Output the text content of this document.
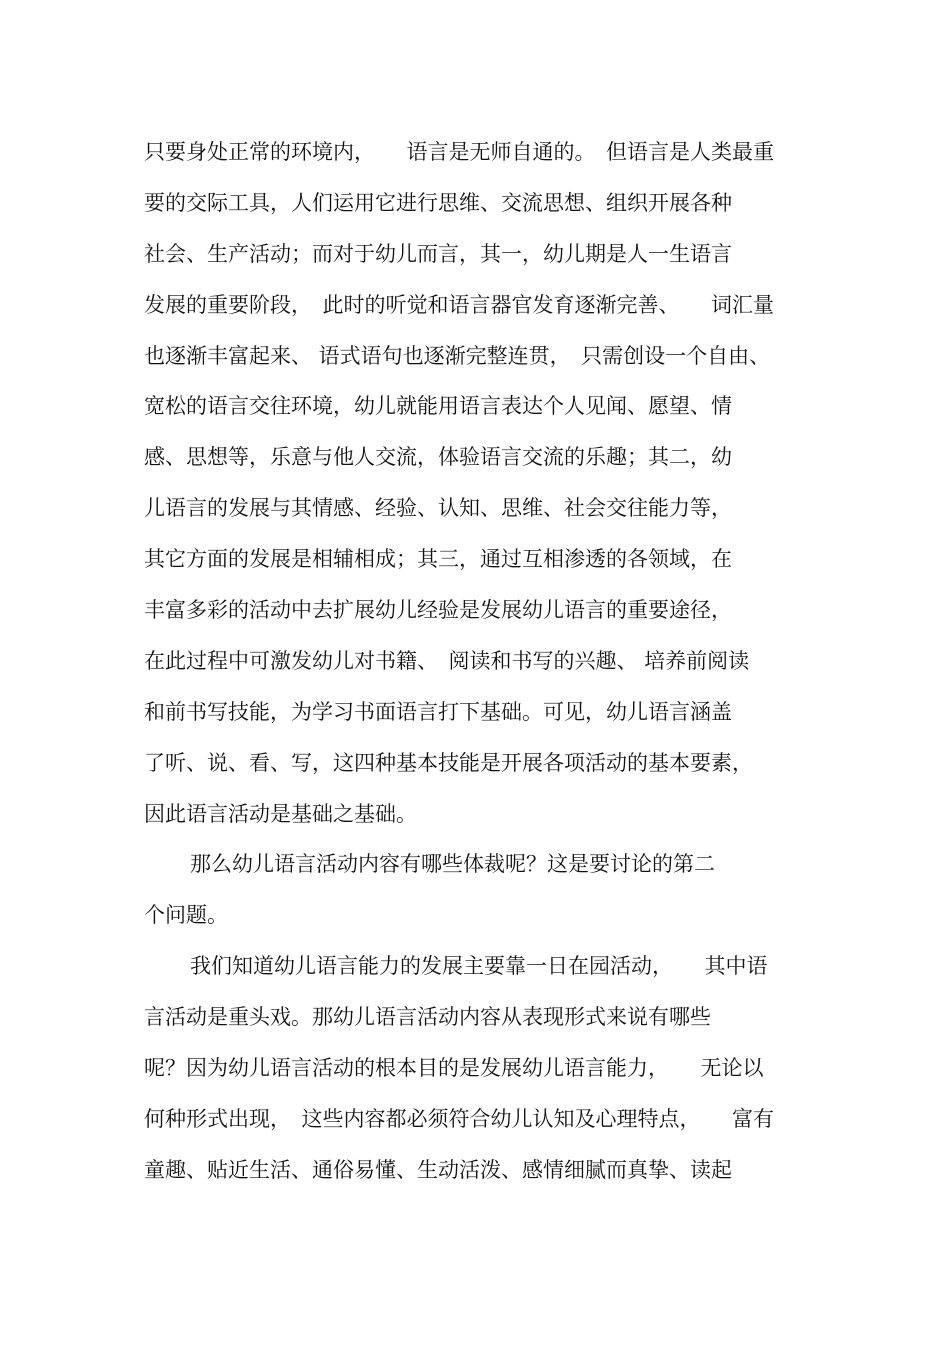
只要身处正常的环境内，　　语言是无师自通的。　但语言是人类最重
要的交际工具，人们运用它进行思维、交流思想、组织开展各种
社会、生产活动；而对于幼儿而言，其一，幼儿期是人一生语言
发展的重要阶段，　此时的听觉和语言器官发育逐渐完善、　　词汇量
也逐渐丰富起来、 语式语句也逐渐完整连贯，　只需创设一个自由、
宽松的语言交往环境，幼儿就能用语言表达个人见闻、愿望、情
感、思想等，乐意与他人交流，体验语言交流的乐趣；其二，幼
儿语言的发展与其情感、经验、认知、思维、社会交往能力等，
其它方面的发展是相辅相成；其三，通过互相渗透的各领域，在
丰富多彩的活动中去扩展幼儿经验是发展幼儿语言的重要途径，
在此过程中可激发幼儿对书籍、　阅读和书写的兴趣、 培养前阅读
和前书写技能，为学习书面语言打下基础。可见，幼儿语言涵盖
了听、说、看、写，这四种基本技能是开展各项活动的基本要素，
因此语言活动是基础之基础。
那么幼儿语言活动内容有哪些体裁呢？这是要讨论的第二
个问题。
我们知道幼儿语言能力的发展主要靠一日在园活动，　　其中语
言活动是重头戏。那幼儿语言活动内容从表现形式来说有哪些
呢？因为幼儿语言活动的根本目的是发展幼儿语言能力，　　无论以
何种形式出现，　这些内容都必须符合幼儿认知及心理特点，　　富有
童趣、贴近生活、通俗易懂、生动活泼、感情细腻而真挚、读起
